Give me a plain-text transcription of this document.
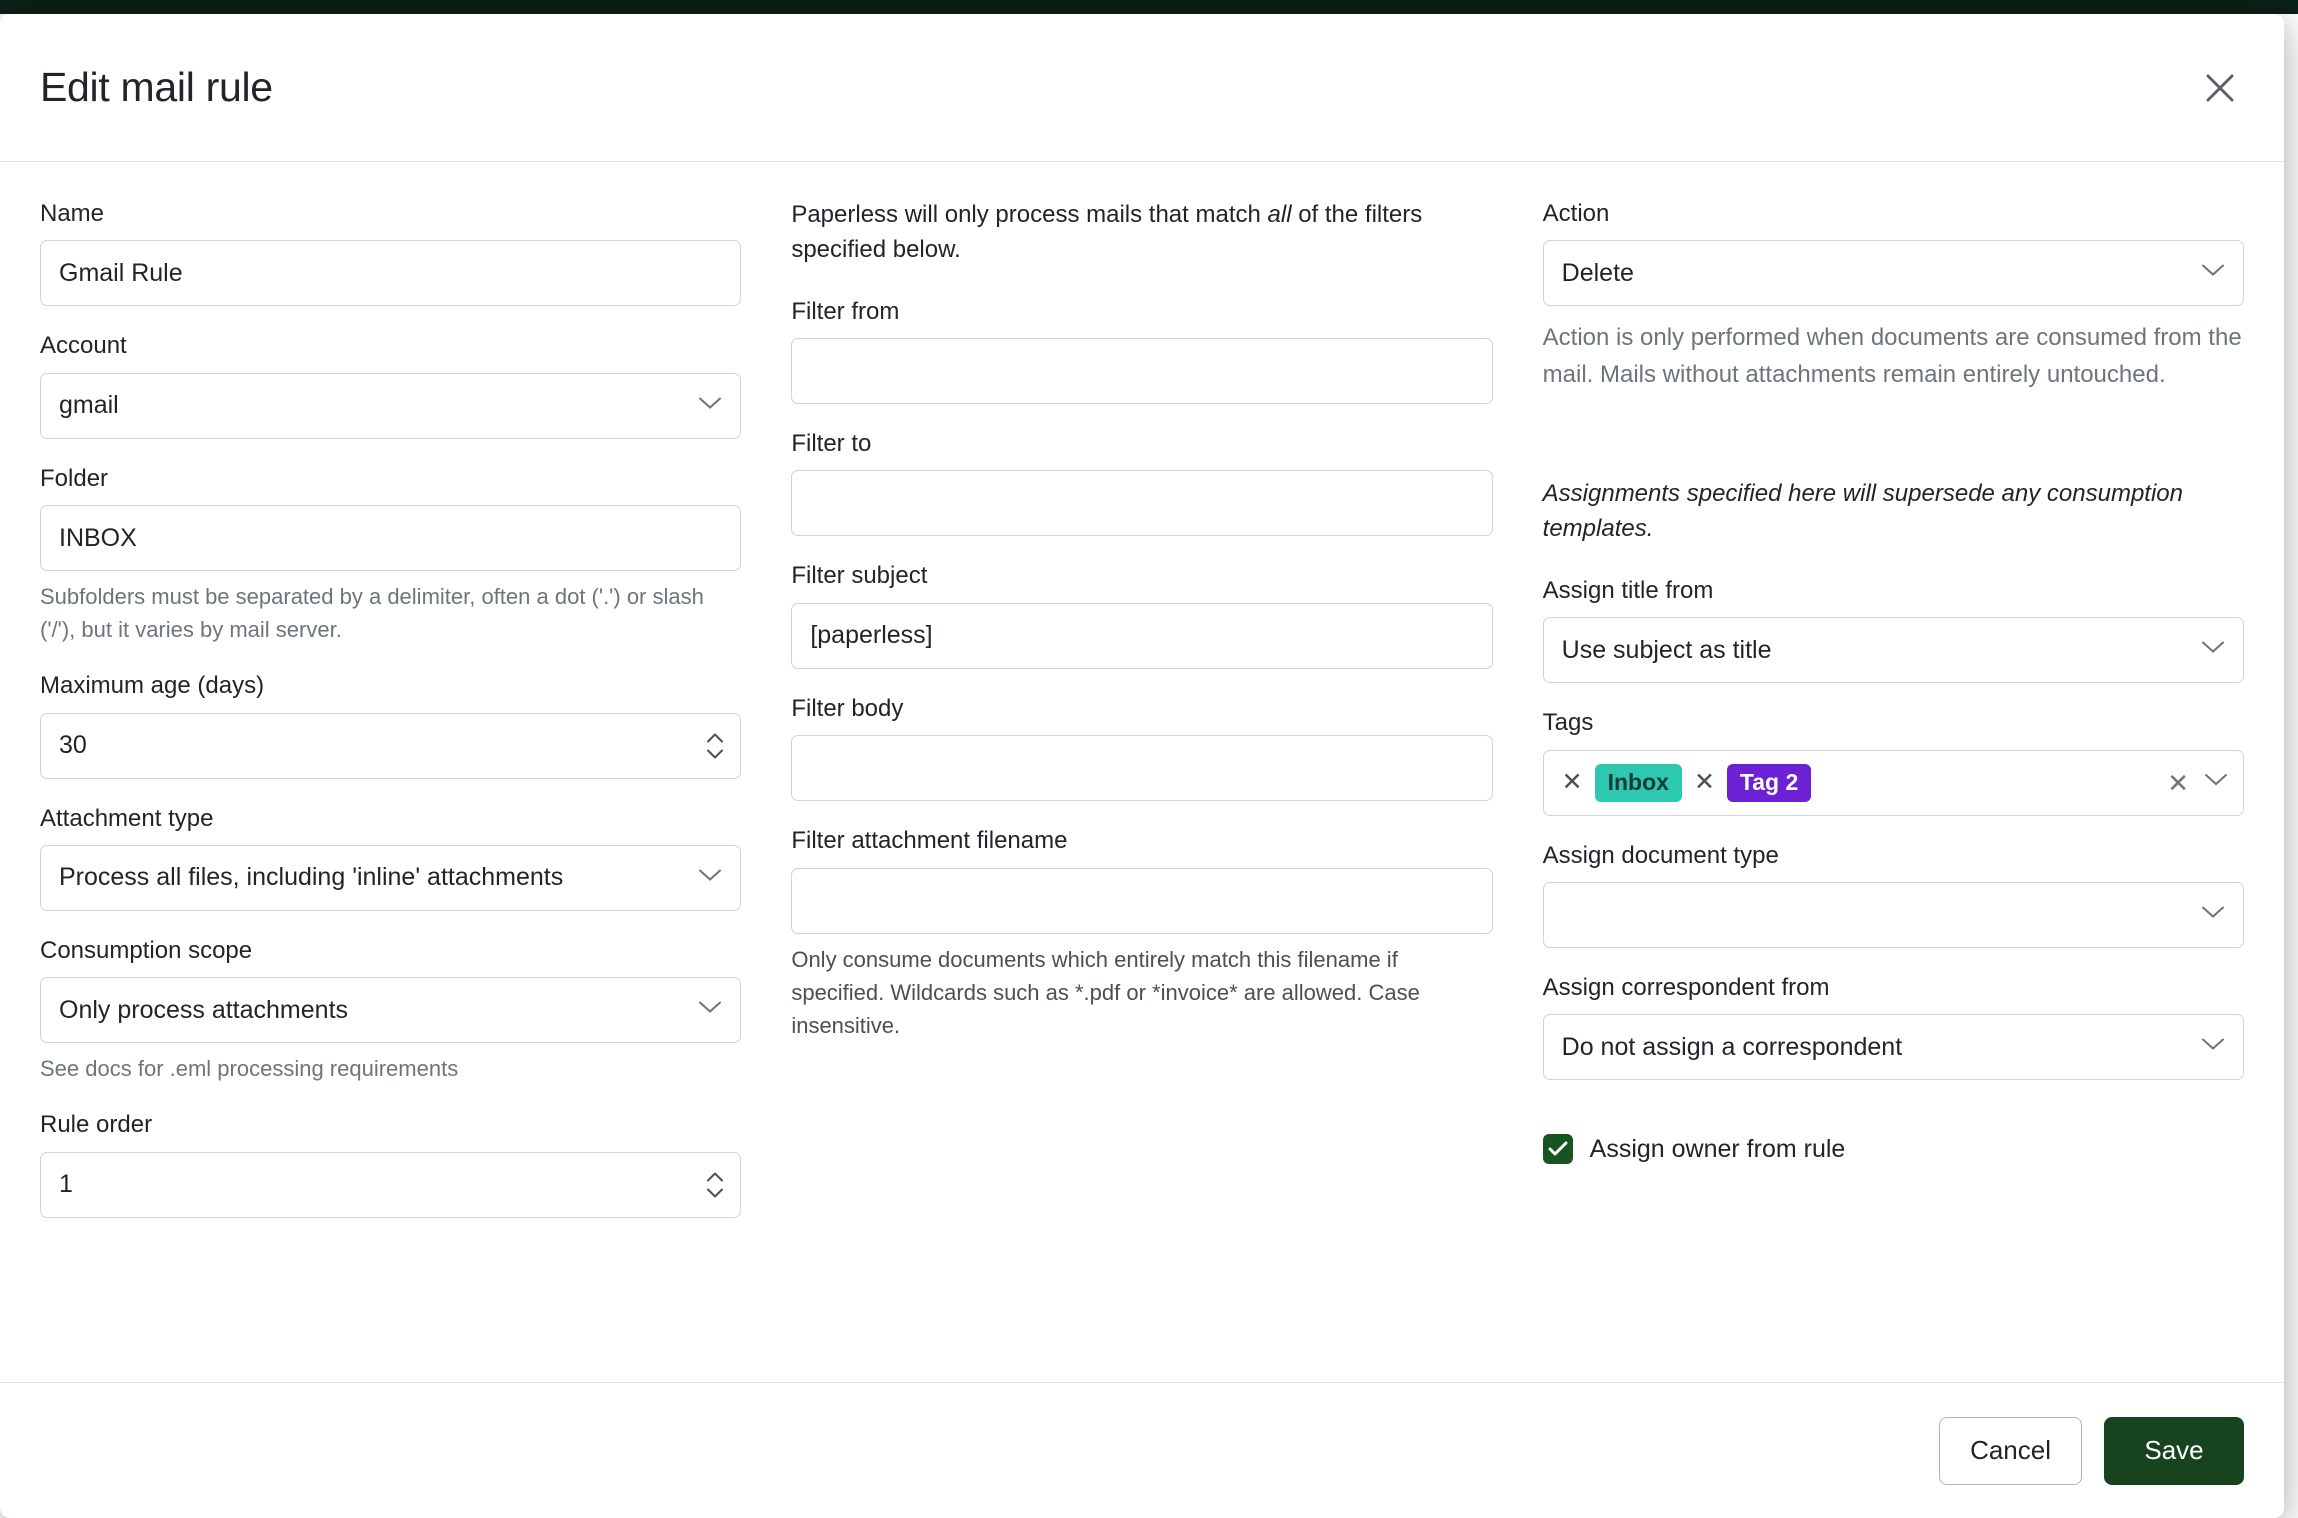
Edit mail rule
Name
Gmail Rule
Account
gmail
Folder
INBOX
Subfolders must be separated by a delimiter, often a dot ('.') or slash ('/'), but it varies by mail server.
Maximum age (days)
30
Attachment type
Process all files, including 'inline' attachments
Consumption scope
Only process attachments
See docs for .eml processing requirements
Rule order
1
Paperless will only process mails that match all of the filters specified below.
Filter from
Filter to
Filter subject
[paperless]
Filter body
Filter attachment filename
Only consume documents which entirely match this filename if specified. Wildcards such as *.pdf or *invoice* are allowed. Case insensitive.
Action
Delete
Action is only performed when documents are consumed from the mail. Mails without attachments remain entirely untouched.
Assignments specified here will supersede any consumption templates.
Assign title from
Use subject as title
Tags
✕	Inbox	✕	Tag 2	✕
Assign document type
Assign correspondent from
Do not assign a correspondent
Assign owner from rule
Cancel	Save
